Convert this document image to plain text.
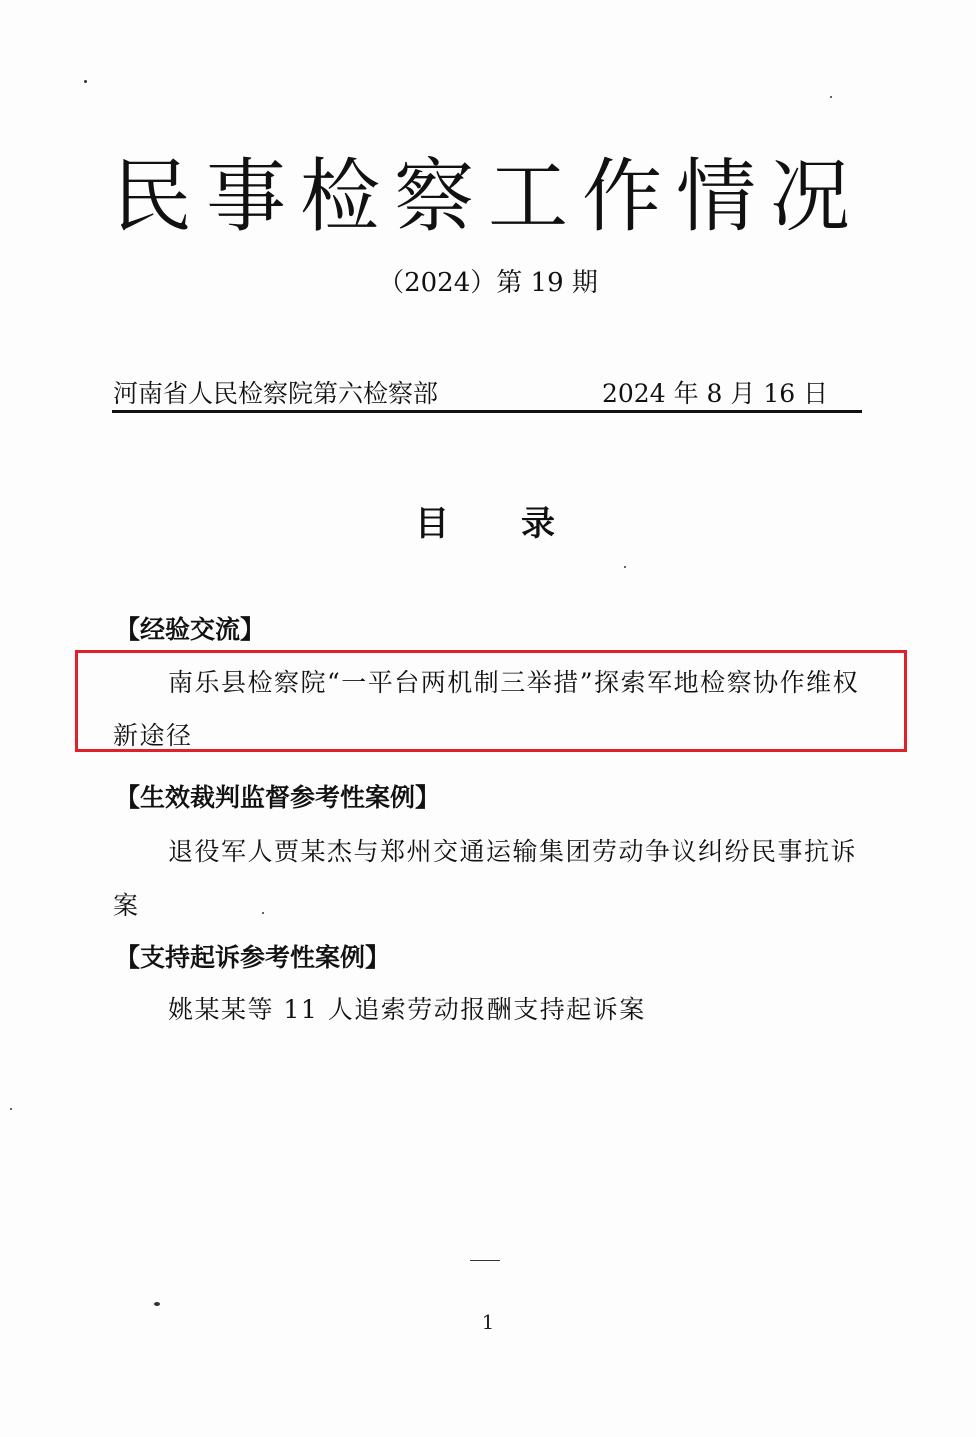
民事检察工作情况
（2024）第 19 期
河南省人民检察院第六检察部	2024 年 8 月 16 日
目录
【经验交流】
南乐县检察院“一平台两机制三举措”探索军地检察协作维权
新途径
【生效裁判监督参考性案例】
退役军人贾某杰与郑州交通运输集团劳动争议纠纷民事抗诉
案
【支持起诉参考性案例】
姚某某等 11 人追索劳动报酬支持起诉案
1
